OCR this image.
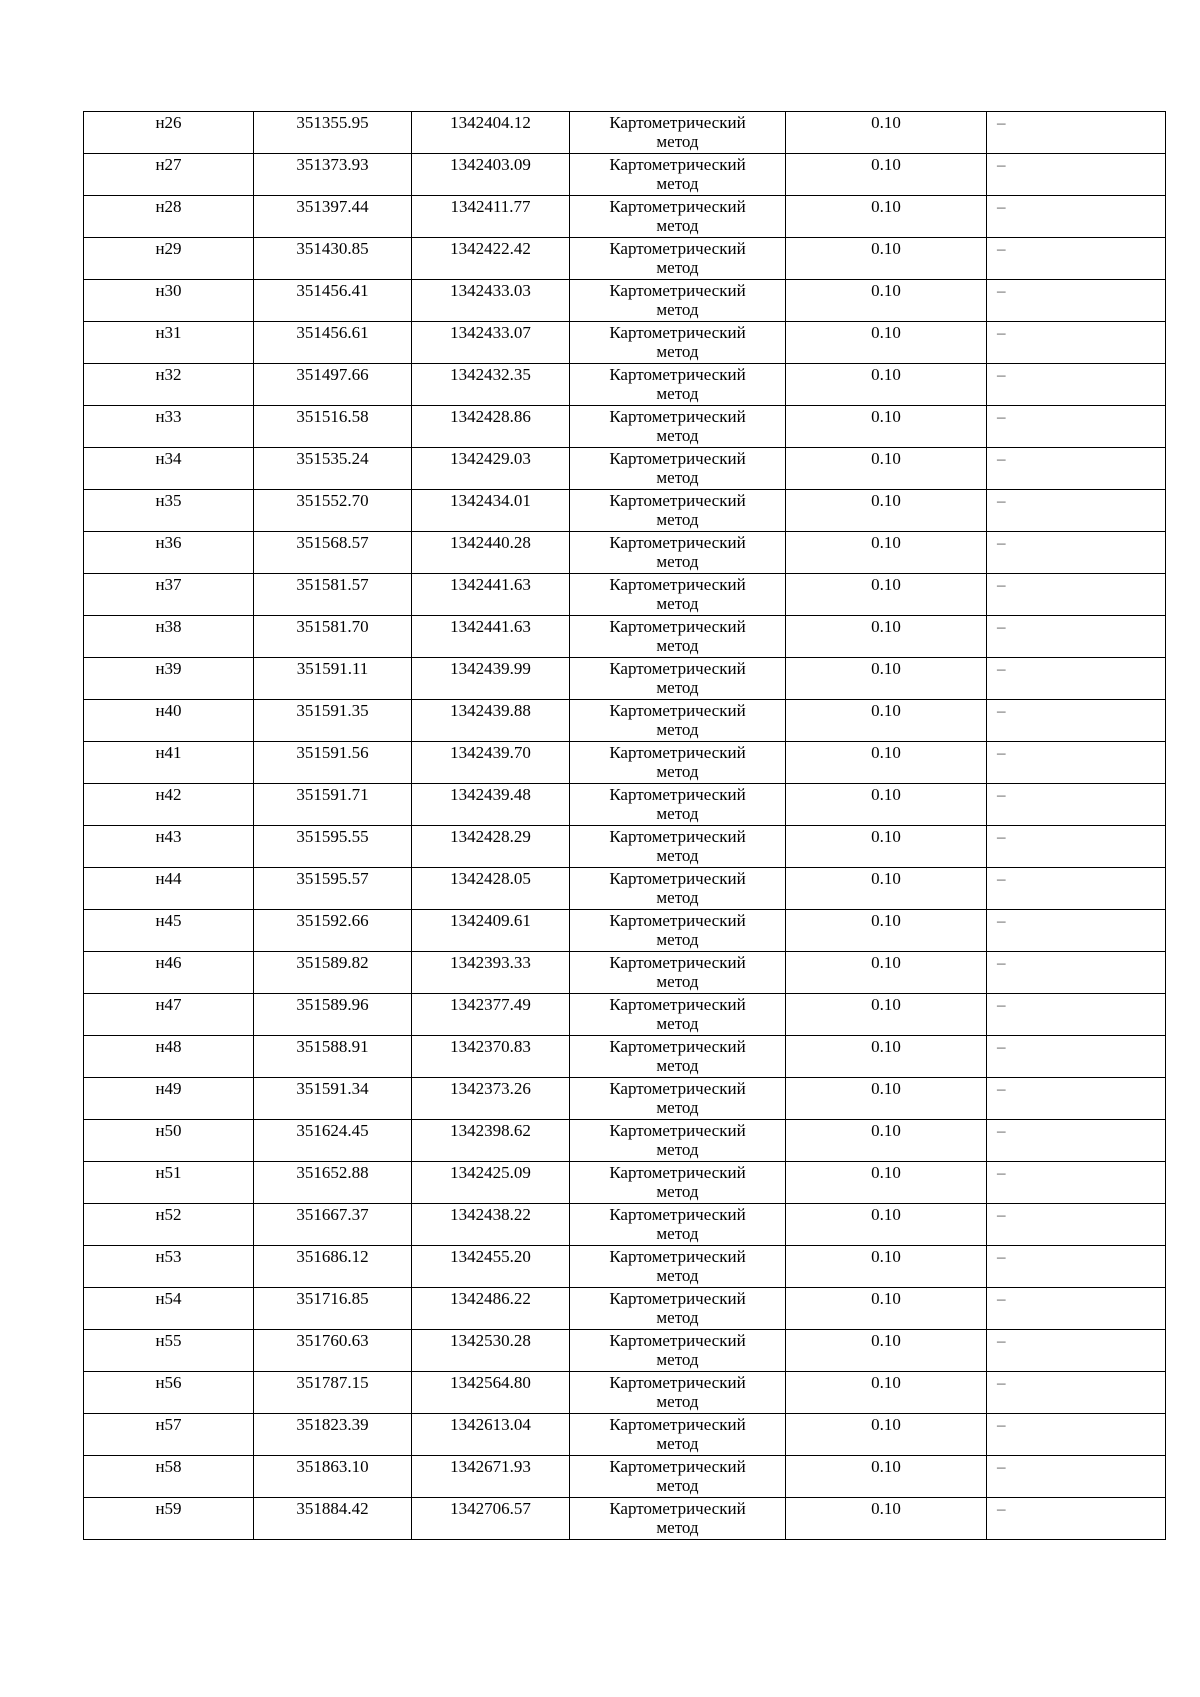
н26	351355.95	1342404.12	Картометрический
метод	0.10	–

н27	351373.93	1342403.09	Картометрический
метод	0.10	–

н28	351397.44	1342411.77	Картометрический
метод	0.10	–

н29	351430.85	1342422.42	Картометрический
метод	0.10	–

н30	351456.41	1342433.03	Картометрический
метод	0.10	–

н31	351456.61	1342433.07	Картометрический
метод	0.10	–

н32	351497.66	1342432.35	Картометрический
метод	0.10	–

н33	351516.58	1342428.86	Картометрический
метод	0.10	–

н34	351535.24	1342429.03	Картометрический
метод	0.10	–

н35	351552.70	1342434.01	Картометрический
метод	0.10	–

н36	351568.57	1342440.28	Картометрический
метод	0.10	–

н37	351581.57	1342441.63	Картометрический
метод	0.10	–

н38	351581.70	1342441.63	Картометрический
метод	0.10	–

н39	351591.11	1342439.99	Картометрический
метод	0.10	–

н40	351591.35	1342439.88	Картометрический
метод	0.10	–

н41	351591.56	1342439.70	Картометрический
метод	0.10	–

н42	351591.71	1342439.48	Картометрический
метод	0.10	–

н43	351595.55	1342428.29	Картометрический
метод	0.10	–

н44	351595.57	1342428.05	Картометрический
метод	0.10	–

н45	351592.66	1342409.61	Картометрический
метод	0.10	–

н46	351589.82	1342393.33	Картометрический
метод	0.10	–

н47	351589.96	1342377.49	Картометрический
метод	0.10	–

н48	351588.91	1342370.83	Картометрический
метод	0.10	–

н49	351591.34	1342373.26	Картометрический
метод	0.10	–

н50	351624.45	1342398.62	Картометрический
метод	0.10	–

н51	351652.88	1342425.09	Картометрический
метод	0.10	–

н52	351667.37	1342438.22	Картометрический
метод	0.10	–

н53	351686.12	1342455.20	Картометрический
метод	0.10	–

н54	351716.85	1342486.22	Картометрический
метод	0.10	–

н55	351760.63	1342530.28	Картометрический
метод	0.10	–

н56	351787.15	1342564.80	Картометрический
метод	0.10	–

н57	351823.39	1342613.04	Картометрический
метод	0.10	–

н58	351863.10	1342671.93	Картометрический
метод	0.10	–

н59	351884.42	1342706.57	Картометрический
метод	0.10	–
